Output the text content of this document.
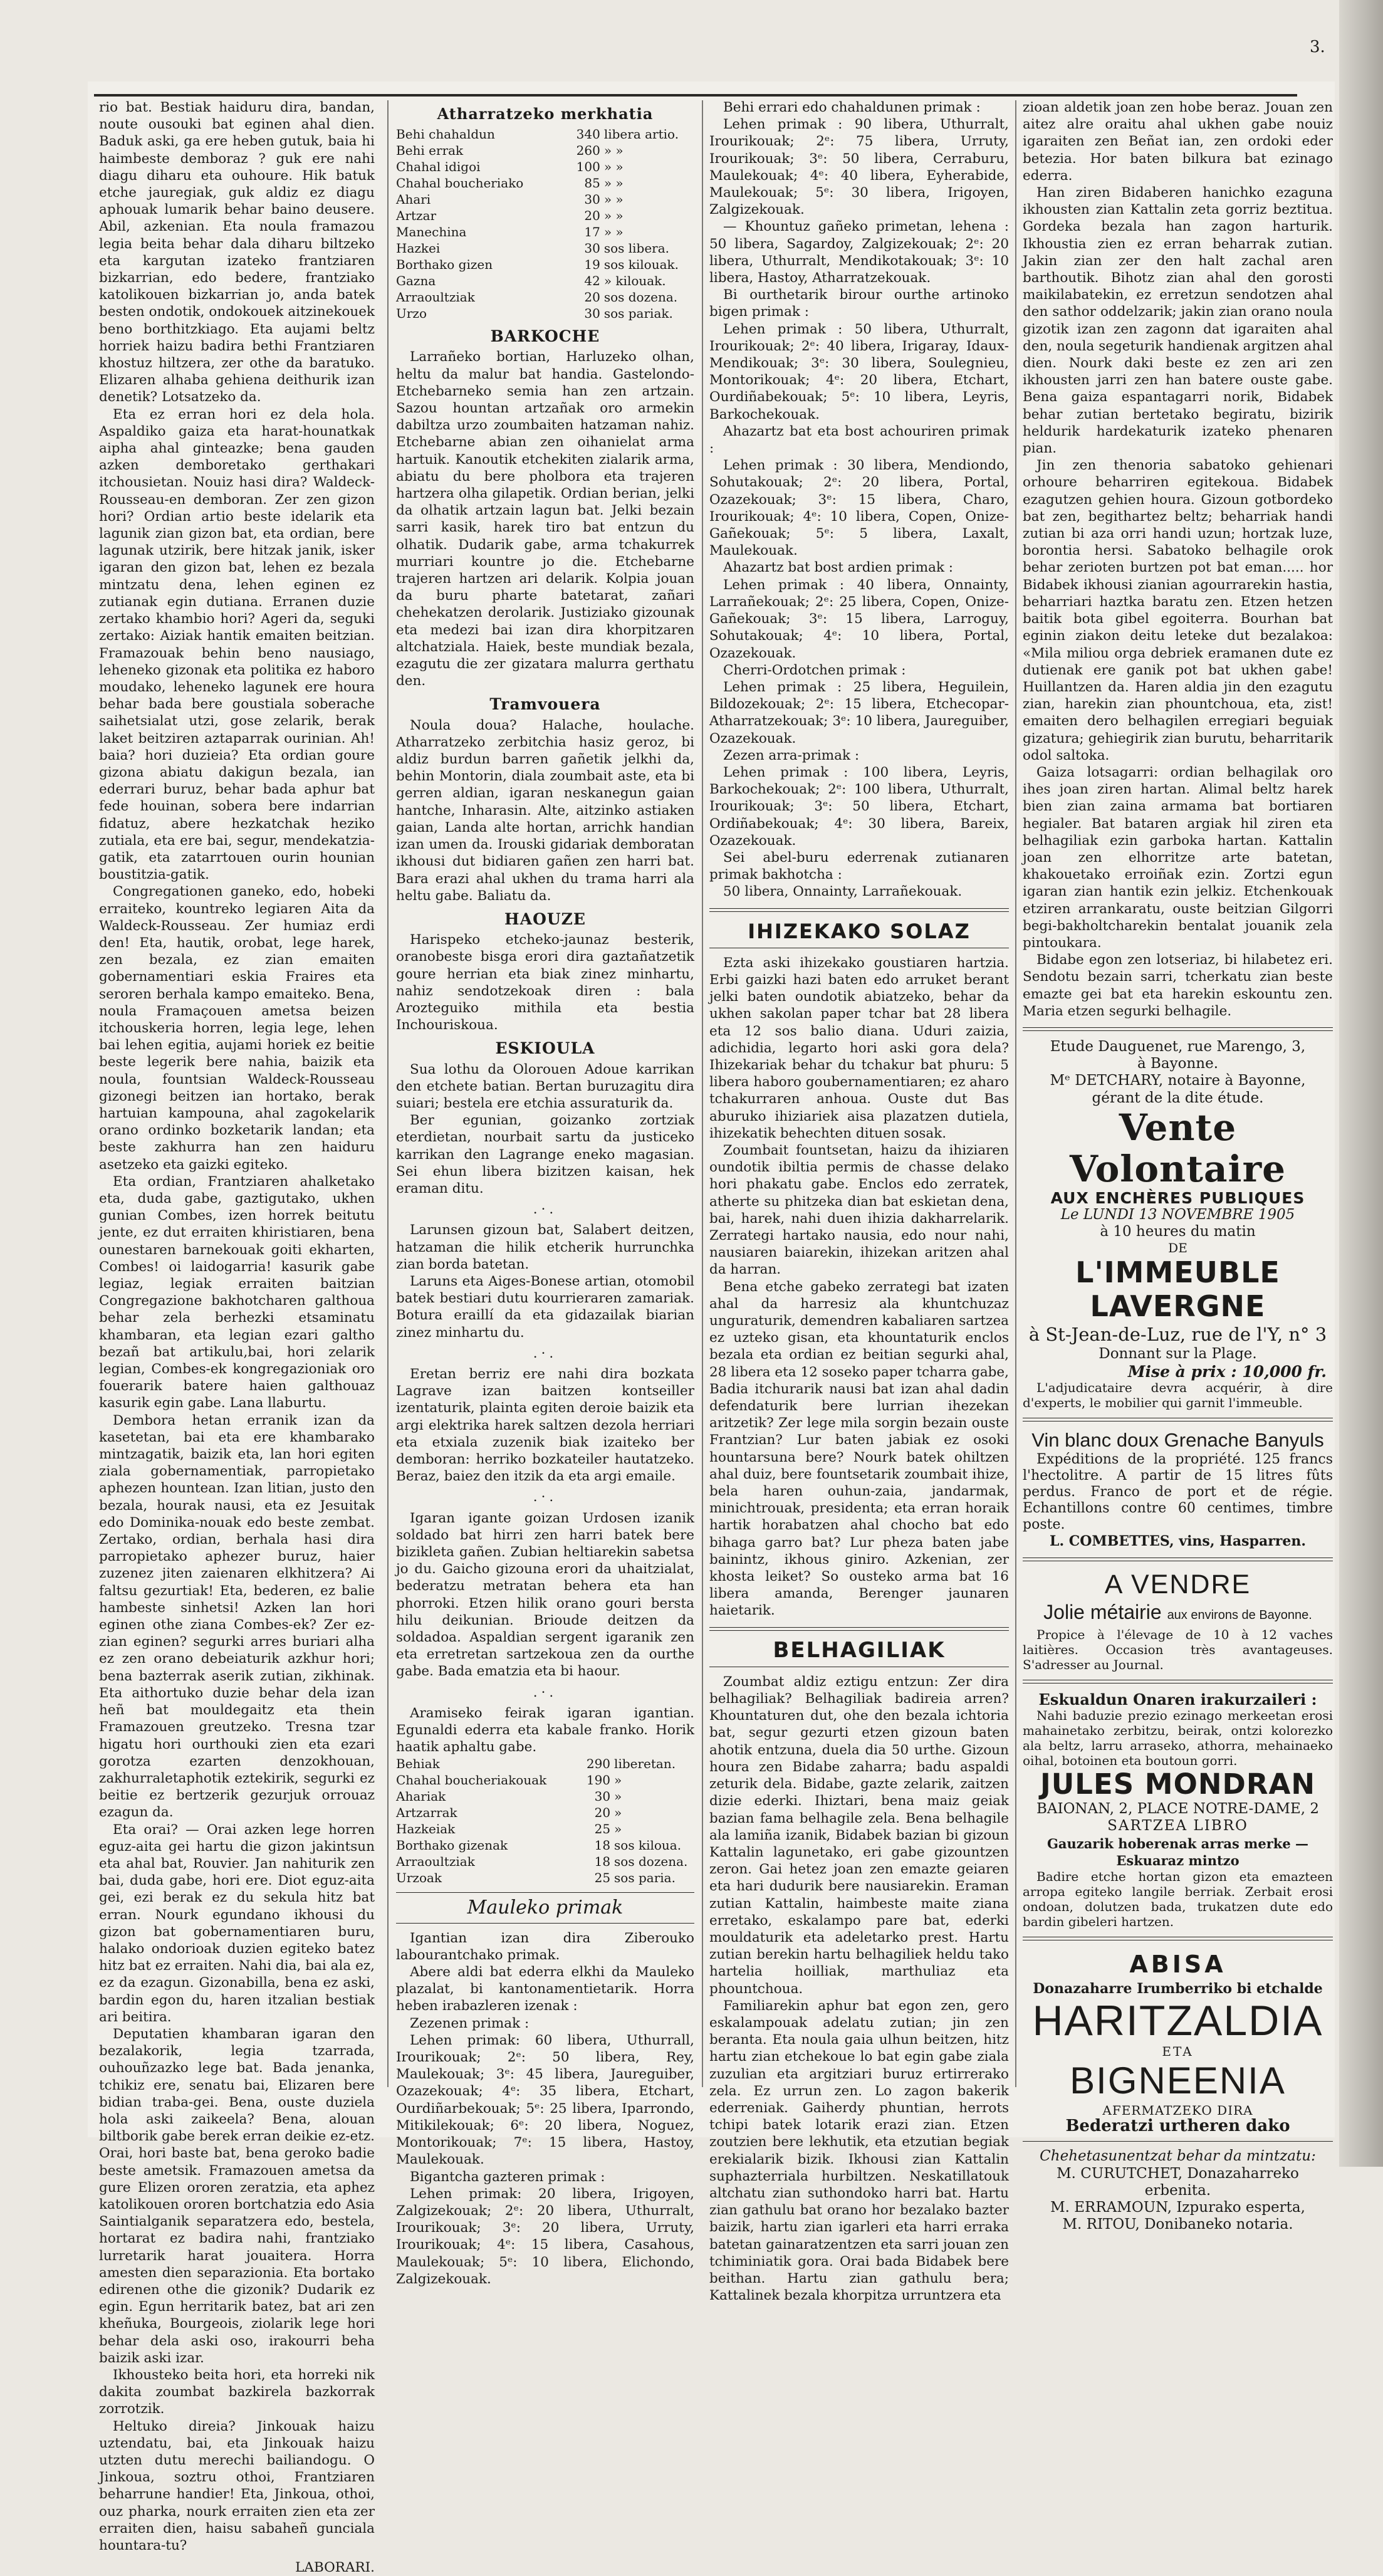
3.

rio bat. Bestiak haiduru dira, bandan, noute ousouki bat eginen ahal dien. Baduk aski, ga ere heben gutuk, baia hi haimbeste demboraz ? guk ere nahi diagu diharu eta ouhoure. Hik batuk etche jauregiak, guk aldiz ez diagu aphouak lumarik behar baino deusere. Abil, azkenian. Eta noula framazou legia beita behar dala diharu biltzeko eta kargutan izateko frantziaren bizkarrian, edo bedere, frantziako katolikouen bizkarrian jo, anda batek besten ondotik, ondokouek aitzinekouek beno borthitzkiago. Eta aujami beltz horriek haizu badira bethi Frantziaren khostuz hiltzera, zer othe da baratuko. Elizaren alhaba gehiena deithurik izan denetik? Lotsatzeko da.

Eta ez erran hori ez dela hola. Aspaldiko gaiza eta harat-hounatkak aipha ahal ginteazke; bena gauden azken demboretako gerthakari itchousietan. Nouiz hasi dira? Waldeck-Rousseau-en demboran. Zer zen gizon hori? Ordian artio beste idelarik eta lagunik zian gizon bat, eta ordian, bere lagunak utzirik, bere hitzak janik, isker igaran den gizon bat, lehen ez bezala mintzatu dena, lehen eginen ez zutianak egin dutiana. Erranen duzie zertako khambio hori? Ageri da, seguki zertako: Aiziak hantik emaiten beitzian. Framazouak behin beno nausiago, leheneko gizonak eta politika ez haboro moudako, leheneko lagunek ere houra behar bada bere goustiala soberache saihetsialat utzi, gose zelarik, berak laket beitziren aztaparrak ourinian. Ah! baia? hori duzieia? Eta ordian goure gizona abiatu dakigun bezala, ian ederrari buruz, behar bada aphur bat fede houinan, sobera bere indarrian fidatuz, abere hezkatchak heziko zutiala, eta ere bai, segur, mendekatzia-gatik, eta zatarrtouen ourin hounian boustitzia-gatik.

Congregationen ganeko, edo, hobeki erraiteko, kountreko legiaren Aita da Waldeck-Rousseau. Zer humiaz erdi den! Eta, hautik, orobat, lege harek, zen bezala, ez zian emaiten gobernamentiari eskia Fraires eta seroren berhala kampo emaiteko. Bena, noula Framaçouen ametsa beizen itchouskeria horren, legia lege, lehen bai lehen egitia, aujami horiek ez beitie beste legerik bere nahia, baizik eta noula, fountsian Waldeck-Rousseau gizonegi beitzen ian hortako, berak hartuian kampouna, ahal zagokelarik orano ordinko bozketarik landan; eta beste zakhurra han zen haiduru asetzeko eta gaizki egiteko.

Eta ordian, Frantziaren ahalketako eta, duda gabe, gaztigutako, ukhen gunian Combes, izen horrek beitutu jente, ez dut erraiten khiristiaren, bena ounestaren barnekouak goiti ekharten, Combes! oi laidogarria! kasurik gabe legiaz, legiak erraiten baitzian Congregazione bakhotcharen galthoua behar zela berhezki etsaminatu khambaran, eta legian ezari galtho bezañ bat artikulu,bai, hori zelarik legian, Combes-ek kongregazioniak oro fouerarik batere haien galthouaz kasurik egin gabe. Lana llaburtu.

Dembora hetan erranik izan da kasetetan, bai eta ere khambarako mintzagatik, baizik eta, lan hori egiten ziala gobernamentiak, parropietako aphezen hountean. Izan litian, justo den bezala, hourak nausi, eta ez Jesuitak edo Dominika-nouak edo beste zembat. Zertako, ordian, berhala hasi dira parropietako aphezer buruz, haier zuzenez jiten zaienaren elkhitzera? Ai faltsu gezurtiak! Eta, bederen, ez balie hambeste sinhetsi! Azken lan hori eginen othe ziana Combes-ek? Zer ez-zian eginen? segurki arres buriari alha ez zen orano debeiaturik azkhur hori; bena bazterrak aserik zutian, zikhinak. Eta aithortuko duzie behar dela izan heñ bat mouldegaitz eta thein Framazouen greutzeko. Tresna tzar higatu hori ourthouki zien eta ezari gorotza ezarten denzokhouan, zakhurraletaphotik eztekirik, segurki ez beitie ez bertzerik gezurjuk orrouaz ezagun da.

Eta orai? — Orai azken lege horren eguz-aita gei hartu die gizon jakintsun eta ahal bat, Rouvier. Jan nahiturik zen bai, duda gabe, hori ere. Diot eguz-aita gei, ezi berak ez du sekula hitz bat erran. Nourk egundano ikhousi du gizon bat gobernamentiaren buru, halako ondorioak duzien egiteko batez hitz bat ez erraiten. Nahi dia, bai ala ez, ez da ezagun. Gizonabilla, bena ez aski, bardin egon du, haren itzalian bestiak ari beitira.

Deputatien khambaran igaran den bezalakorik, legia tzarrada, ouhouñzazko lege bat. Bada jenanka, tchikiz ere, senatu bai, Elizaren bere bidian traba-gei. Bena, ouste duziela hola aski zaikeela? Bena, alouan biltborik gabe berek erran deikie ez-etz. Orai, hori baste bat, bena geroko badie beste ametsik. Framazouen ametsa da gure Elizen ororen zeratzia, eta aphez katolikouen ororen bortchatzia edo Asia Saintialganik separatzera edo, bestela, hortarat ez badira nahi, frantziako lurretarik harat jouaitera. Horra amesten dien separazionia. Eta bortako edirenen othe die gizonik? Dudarik ez egin. Egun herritarik batez, bat ari zen kheñuka, Bourgeois, ziolarik lege hori behar dela aski oso, irakourri beha baizik aski izar.

Ikhousteko beita hori, eta horreki nik dakita zoumbat bazkirela bazkorrak zorrotzik.

Heltuko direia? Jinkouak haizu uztendatu, bai, eta Jinkouak haizu utzten dutu merechi bailiandogu. O Jinkoua, soztru othoi, Frantziaren beharrune handier! Eta, Jinkoua, othoi, ouz pharka, nourk erraiten zien eta zer erraiten dien, haisu sabaheñ gunciala hountara-tu?

LABORARI.

Atharratzeko merkhatia
Behi chahaldun	340	libera artio.
Behi errak	260	» »
Chahal idigoi	100	» »
Chahal boucheriako	85	» »
Ahari	30	» »
Artzar	20	» »
Manechina	17	» »
Hazkei	30	sos libera.
Borthako gizen	19	sos kilouak.
Gazna	42	» kilouak.
Arraoultziak	20	sos dozena.
Urzo	30	sos pariak.
BARKOCHE

Larrañeko bortian, Harluzeko olhan, heltu da malur bat handia. Gastelondo-Etchebarneko semia han zen artzain. Sazou hountan artzañak oro armekin dabiltza urzo zoumbaiten hatzaman nahiz. Etchebarne abian zen oihanielat arma hartuik. Kanoutik etchekiten zialarik arma, abiatu du bere pholbora eta trajeren hartzera olha gilapetik. Ordian berian, jelki da olhatik artzain lagun bat. Jelki bezain sarri kasik, harek tiro bat entzun du olhatik. Dudarik gabe, arma tchakurrek murriari kountre jo die. Etchebarne trajeren hartzen ari delarik. Kolpia jouan da buru pharte batetarat, zañari chehekatzen derolarik. Justiziako gizounak eta medezi bai izan dira khorpitzaren altchatziala. Haiek, beste mundiak bezala, ezagutu die zer gizatara malurra gerthatu den.

Tramvouera

Noula doua? Halache, houlache. Atharratzeko zerbitchia hasiz geroz, bi aldiz burdun barren gañetik jelkhi da, behin Montorin, diala zoumbait aste, eta bi gerren aldian, igaran neskanegun gaian hantche, Inharasin. Alte, aitzinko astiaken gaian, Landa alte hortan, arrichk handian izan umen da. Irouski gidariak demboratan ikhousi dut bidiaren gañen zen harri bat. Bara erazi ahal ukhen du trama harri ala heltu gabe. Baliatu da.

HAOUZE

Harispeko etcheko-jaunaz besterik, oranobeste bisga erori dira gaztañatzetik goure herrian eta biak zinez minhartu, nahiz sendotzekoak diren : bala Arozteguiko mithila eta bestia Inchouriskoua.

ESKIOULA

Sua lothu da Olorouen Adoue karrikan den etchete batian. Bertan buruzagitu dira suiari; bestela ere etchia assuraturik da.

Ber egunian, goizanko zortziak eterdietan, nourbait sartu da justiceko karrikan den Lagrange eneko magasian. Sei ehun libera bizitzen kaisan, hek eraman ditu.

.·.

Larunsen gizoun bat, Salabert deitzen, hatzaman die hilik etcherik hurrunchka zian borda batetan.

Laruns eta Aiges-Bonese artian, otomobil batek bestiari dutu kourrieraren zamariak. Botura eraillí da eta gidazailak biarian zinez minhartu du.

.·.

Eretan berriz ere nahi dira bozkata Lagrave izan baitzen kontseiller izentaturik, plainta egiten deroie baizik eta argi elektrika harek saltzen dezola herriari eta etxiala zuzenik biak izaiteko ber demboran: herriko bozkateiler hautatzeko. Beraz, baiez den itzik da eta argi emaile.

.·.

Igaran igante goizan Urdosen izanik soldado bat hirri zen harri batek bere bizikleta gañen. Zubian heltiarekin sabetsa jo du. Gaicho gizouna erori da uhaitzialat, bederatzu metratan behera eta han phorroki. Etzen hilik orano gouri bersta hilu deikunian. Brioude deitzen da soldadoa. Aspaldian sergent igaranik zen eta erretretan sartzekoua zen da ourthe gabe. Bada ematzia eta bi haour.

.·.

Aramiseko feirak igaran igantian. Egunaldi ederra eta kabale franko. Horik haatik aphaltu gabe.

Behiak	290	liberetan.
Chahal boucheriakouak	190	»
Ahariak	30	»
Artzarrak	20	»
Hazkeiak	25	»
Borthako gizenak	18	sos kiloua.
Arraoultziak	18	sos dozena.
Urzoak	25	sos paria.
Mauleko primak

Igantian izan dira Ziberouko labourantchako primak.

Abere aldi bat ederra elkhi da Mauleko plazalat, bi kantonamentietarik. Horra heben irabazleren izenak :

Zezenen primak :

Lehen primak: 60 libera, Uthurrall, Irourikouak; 2ᵉ: 50 libera, Rey, Maulekouak; 3ᵉ: 45 libera, Jaureguiber, Ozazekouak; 4ᵉ: 35 libera, Etchart, Ourdiñarbekouak; 5ᵉ: 25 libera, Iparrondo, Mitikilekouak; 6ᵉ: 20 libera, Noguez, Montorikouak; 7ᵉ: 15 libera, Hastoy, Maulekouak.

Bigantcha gazteren primak :

Lehen primak: 20 libera, Irigoyen, Zalgizekouak; 2ᵉ: 20 libera, Uthurralt, Irourikouak; 3ᵉ: 20 libera, Urruty, Irourikouak; 4ᵉ: 15 libera, Casahous, Maulekouak; 5ᵉ: 10 libera, Elichondo, Zalgizekouak.

Behi errari edo chahaldunen primak :

Lehen primak : 90 libera, Uthurralt, Irourikouak; 2ᵉ: 75 libera, Urruty, Irourikouak; 3ᵉ: 50 libera, Cerraburu, Maulekouak; 4ᵉ: 40 libera, Eyherabide, Maulekouak; 5ᵉ: 30 libera, Irigoyen, Zalgizekouak.

— Khountuz gañeko primetan, lehena : 50 libera, Sagardoy, Zalgizekouak; 2ᵉ: 20 libera, Uthurralt, Mendikotakouak; 3ᵉ: 10 libera, Hastoy, Atharratzekouak.

Bi ourthetarik birour ourthe artinoko bigen primak :

Lehen primak : 50 libera, Uthurralt, Irourikouak; 2ᵉ: 40 libera, Irigaray, Idaux-Mendikouak; 3ᵉ: 30 libera, Soulegnieu, Montorikouak; 4ᵉ: 20 libera, Etchart, Ourdiñabekouak; 5ᵉ: 10 libera, Leyris, Barkochekouak.

Ahazartz bat eta bost achouriren primak :

Lehen primak : 30 libera, Mendiondo, Sohutakouak; 2ᵉ: 20 libera, Portal, Ozazekouak; 3ᵉ: 15 libera, Charo, Irourikouak; 4ᵉ: 10 libera, Copen, Onize-Gañekouak; 5ᵉ: 5 libera, Laxalt, Maulekouak.

Ahazartz bat bost ardien primak :

Lehen primak : 40 libera, Onnainty, Larrañekouak; 2ᵉ: 25 libera, Copen, Onize-Gañekouak; 3ᵉ: 15 libera, Larroguy, Sohutakouak; 4ᵉ: 10 libera, Portal, Ozazekouak.

Cherri-Ordotchen primak :

Lehen primak : 25 libera, Heguilein, Bildozekouak; 2ᵉ: 15 libera, Etchecopar-Atharratzekouak; 3ᵉ: 10 libera, Jaureguiber, Ozazekouak.

Zezen arra-primak :

Lehen primak : 100 libera, Leyris, Barkochekouak; 2ᵉ: 100 libera, Uthurralt, Irourikouak; 3ᵉ: 50 libera, Etchart, Ordiñabekouak; 4ᵉ: 30 libera, Bareix, Ozazekouak.

Sei abel-buru ederrenak zutianaren primak bakhotcha :

50 libera, Onnainty, Larrañekouak.

IHIZEKAKO SOLAZ

Ezta aski ihizekako goustiaren hartzia. Erbi gaizki hazi baten edo arruket berant jelki baten oundotik abiatzeko, behar da ukhen sakolan paper tchar bat 28 libera eta 12 sos balio diana. Uduri zaizia, adichidia, legarto hori aski gora dela? Ihizekariak behar du tchakur bat phuru: 5 libera haboro goubernamentiaren; ez aharo tchakurraren anhoua. Ouste dut Bas aburuko ihiziariek aisa plazatzen dutiela, ihizekatik behechten dituen sosak.

Zoumbait fountsetan, haizu da ihiziaren oundotik ibiltia permis de chasse delako hori phakatu gabe. Enclos edo zerratek, atherte su phitzeka dian bat eskietan dena, bai, harek, nahi duen ihizia dakharrelarik. Zerrategi hartako nausia, edo nour nahi, nausiaren baiarekin, ihizekan aritzen ahal da harran.

Bena etche gabeko zerrategi bat izaten ahal da harresiz ala khuntchuzaz unguraturik, demendren kabaliaren sartzea ez uzteko gisan, eta khountaturik enclos bezala eta ordian ez beitian segurki ahal, 28 libera eta 12 soseko paper tcharra gabe, Badia itchurarik nausi bat izan ahal dadin defendaturik bere lurrian ihezekan aritzetik? Zer lege mila sorgin bezain ouste Frantzian? Lur baten jabiak ez osoki hountarsuna bere? Nourk batek ohiltzen ahal duiz, bere fountsetarik zoumbait ihize, bela haren ouhun-zaia, jandarmak, minichtrouak, presidenta; eta erran horaik hartik horabatzen ahal chocho bat edo bihaga garro bat? Lur pheza baten jabe bainintz, ikhous giniro. Azkenian, zer khosta leiket? So ousteko arma bat 16 libera amanda, Berenger jaunaren haietarik.

BELHAGILIAK

Zoumbat aldiz eztigu entzun: Zer dira belhagiliak? Belhagiliak badireia arren? Khountaturen dut, ohe den bezala ichtoria bat, segur gezurti etzen gizoun baten ahotik entzuna, duela dia 50 urthe. Gizoun houra zen Bidabe zaharra; badu aspaldi zeturik dela. Bidabe, gazte zelarik, zaitzen dizie ederki. Ihiztari, bena maiz geiak bazian fama belhagile zela. Bena belhagile ala lamiña izanik, Bidabek bazian bi gizoun Kattalin lagunetako, eri gabe gizountzen zeron. Gai hetez joan zen emazte geiaren eta hari dudurik bere nausiarekin. Eraman zutian Kattalin, haimbeste maite ziana erretako, eskalampo pare bat, ederki mouldaturik eta adeletarko prest. Hartu zutian berekin hartu belhagiliek heldu tako hartelia hoilliak, marthuliaz eta phountchoua.

Familiarekin aphur bat egon zen, gero eskalampouak adelatu zutian; jin zen beranta. Eta noula gaia ulhun beitzen, hitz hartu zian etchekoue lo bat egin gabe ziala zuzulian eta argitziari buruz ertirrerako zela. Ez urrun zen. Lo zagon bakerik ederreniak. Gaiherdy phuntian, herrots tchipi batek lotarik erazi zian. Etzen zoutzien bere lekhutik, eta etzutian begiak erekialarik bizik. Ikhousi zian Kattalin suphazterriala hurbiltzen. Neskatillatouk altchatu zian suthondoko harri bat. Hartu zian gathulu bat orano hor bezalako bazter baizik, hartu zian igarleri eta harri erraka batetan gainaratzentzen eta sarri jouan zen tchiminiatik gora. Orai bada Bidabek bere beithan. Hartu zian gathulu bera; Kattalinek bezala khorpitza urruntzera eta

zioan aldetik joan zen hobe beraz. Jouan zen aitez alre oraitu ahal ukhen gabe nouiz igaraiten zen Beñat ian, zen ordoki eder betezia. Hor baten bilkura bat ezinago ederra.

Han ziren Bidaberen hanichko ezaguna ikhousten zian Kattalin zeta gorriz beztitua. Gordeka bezala han zagon harturik. Ikhoustia zien ez erran beharrak zutian. Jakin zian zer den halt zachal aren barthoutik. Bihotz zian ahal den gorosti maikilabatekin, ez erretzun sendotzen ahal den sathor oddelzarik; jakin zian orano noula gizotik izan zen zagonn dat igaraiten ahal den, noula segeturik handienak argitzen ahal dien. Nourk daki beste ez zen ari zen ikhousten jarri zen han batere ouste gabe. Bena gaiza espantagarri norik, Bidabek behar zutian bertetako begiratu, bizirik heldurik hardekaturik izateko phenaren pian.

Jin zen thenoria sabatoko gehienari orhoure beharriren egitekoua. Bidabek ezagutzen gehien houra. Gizoun gotbordeko bat zen, begithartez beltz; beharriak handi zutian bi aza orri handi uzun; hortzak luze, borontia hersi. Sabatoko belhagile orok behar zerioten burtzen pot bat eman..... hor Bidabek ikhousi zianian agourrarekin hastia, beharriari haztka baratu zen. Etzen hetzen baitik bota gibel egoiterra. Bourhan bat eginin ziakon deitu leteke dut bezalakoa: «Mila miliou orga debriek eramanen dute ez dutienak ere ganik pot bat ukhen gabe! Huillantzen da. Haren aldia jin den ezagutu zian, harekin zian phountchoua, eta, zist! emaiten dero belhagilen erregiari beguiak gizatura; gehiegirik zian burutu, beharritarik odol saltoka.

Gaiza lotsagarri: ordian belhagilak oro ihes joan ziren hartan. Alimal beltz harek bien zian zaina armama bat bortiaren hegialer. Bat bataren argiak hil ziren eta belhagiliak ezin garboka hartan. Kattalin joan zen elhorritze arte batetan, khakouetako erroiñak ezin. Zortzi egun igaran zian hantik ezin jelkiz. Etchenkouak etziren arrankaratu, ouste beitzian Gilgorri begi-bakholtcharekin bentalat jouanik zela pintoukara.

Bidabe egon zen lotseriaz, bi hilabetez eri. Sendotu bezain sarri, tcherkatu zian beste emazte gei bat eta harekin eskountu zen. Maria etzen segurki belhagile.

Etude Dauguenet, rue Marengo, 3,
à Bayonne.
Mᵉ DETCHARY, notaire à Bayonne,
gérant de la dite étude.
Vente Volontaire
AUX ENCHÈRES PUBLIQUES
Le LUNDI 13 NOVEMBRE 1905
à 10 heures du matin
DE
L'IMMEUBLE LAVERGNE
à St-Jean-de-Luz, rue de l'Y, n° 3
Donnant sur la Plage.
Mise à prix : 10,000 fr.

L'adjudicataire devra acquérir, à dire d'experts, le mobilier qui garnit l'immeuble.

Vin blanc doux Grenache Banyuls

Expéditions de la propriété. 125 francs l'hectolitre. A partir de 15 litres fûts perdus. Franco de port et de régie. Echantillons contre 60 centimes, timbre poste.

L. COMBETTES, vins, Hasparren.
A VENDRE
Jolie métairie aux environs de Bayonne.

Propice à l'élevage de 10 à 12 vaches laitières. Occasion très avantageuses. S'adresser au Journal.

Eskualdun Onaren irakurzaileri :

Nahi baduzie prezio ezinago merkeetan erosi mahainetako zerbitzu, beirak, ontzi kolorezko ala beltz, larru arraseko, athorra, mehainaeko oihal, botoinen eta boutoun gorri.

JULES MONDRAN
BAIONAN, 2, PLACE NOTRE-DAME, 2
SARTZEA LIBRO
Gauzarik hoberenak arras merke — Eskuaraz mintzo

Badire etche hortan gizon eta emazteen arropa egiteko langile berriak. Zerbait erosi ondoan, dolutzen bada, trukatzen dute edo bardin gibeleri hartzen.

ABISA
Donazaharre Irumberriko bi etchalde
HARITZALDIA
ETA
BIGNEENIA
AFERMATZEKO DIRA
Bederatzi urtheren dako
Chehetasunentzat behar da mintzatu:
M. CURUTCHET, Donazaharreko erbenita.
M. ERRAMOUN, Izpurako esperta,
M. RITOU, Donibaneko notaria.
